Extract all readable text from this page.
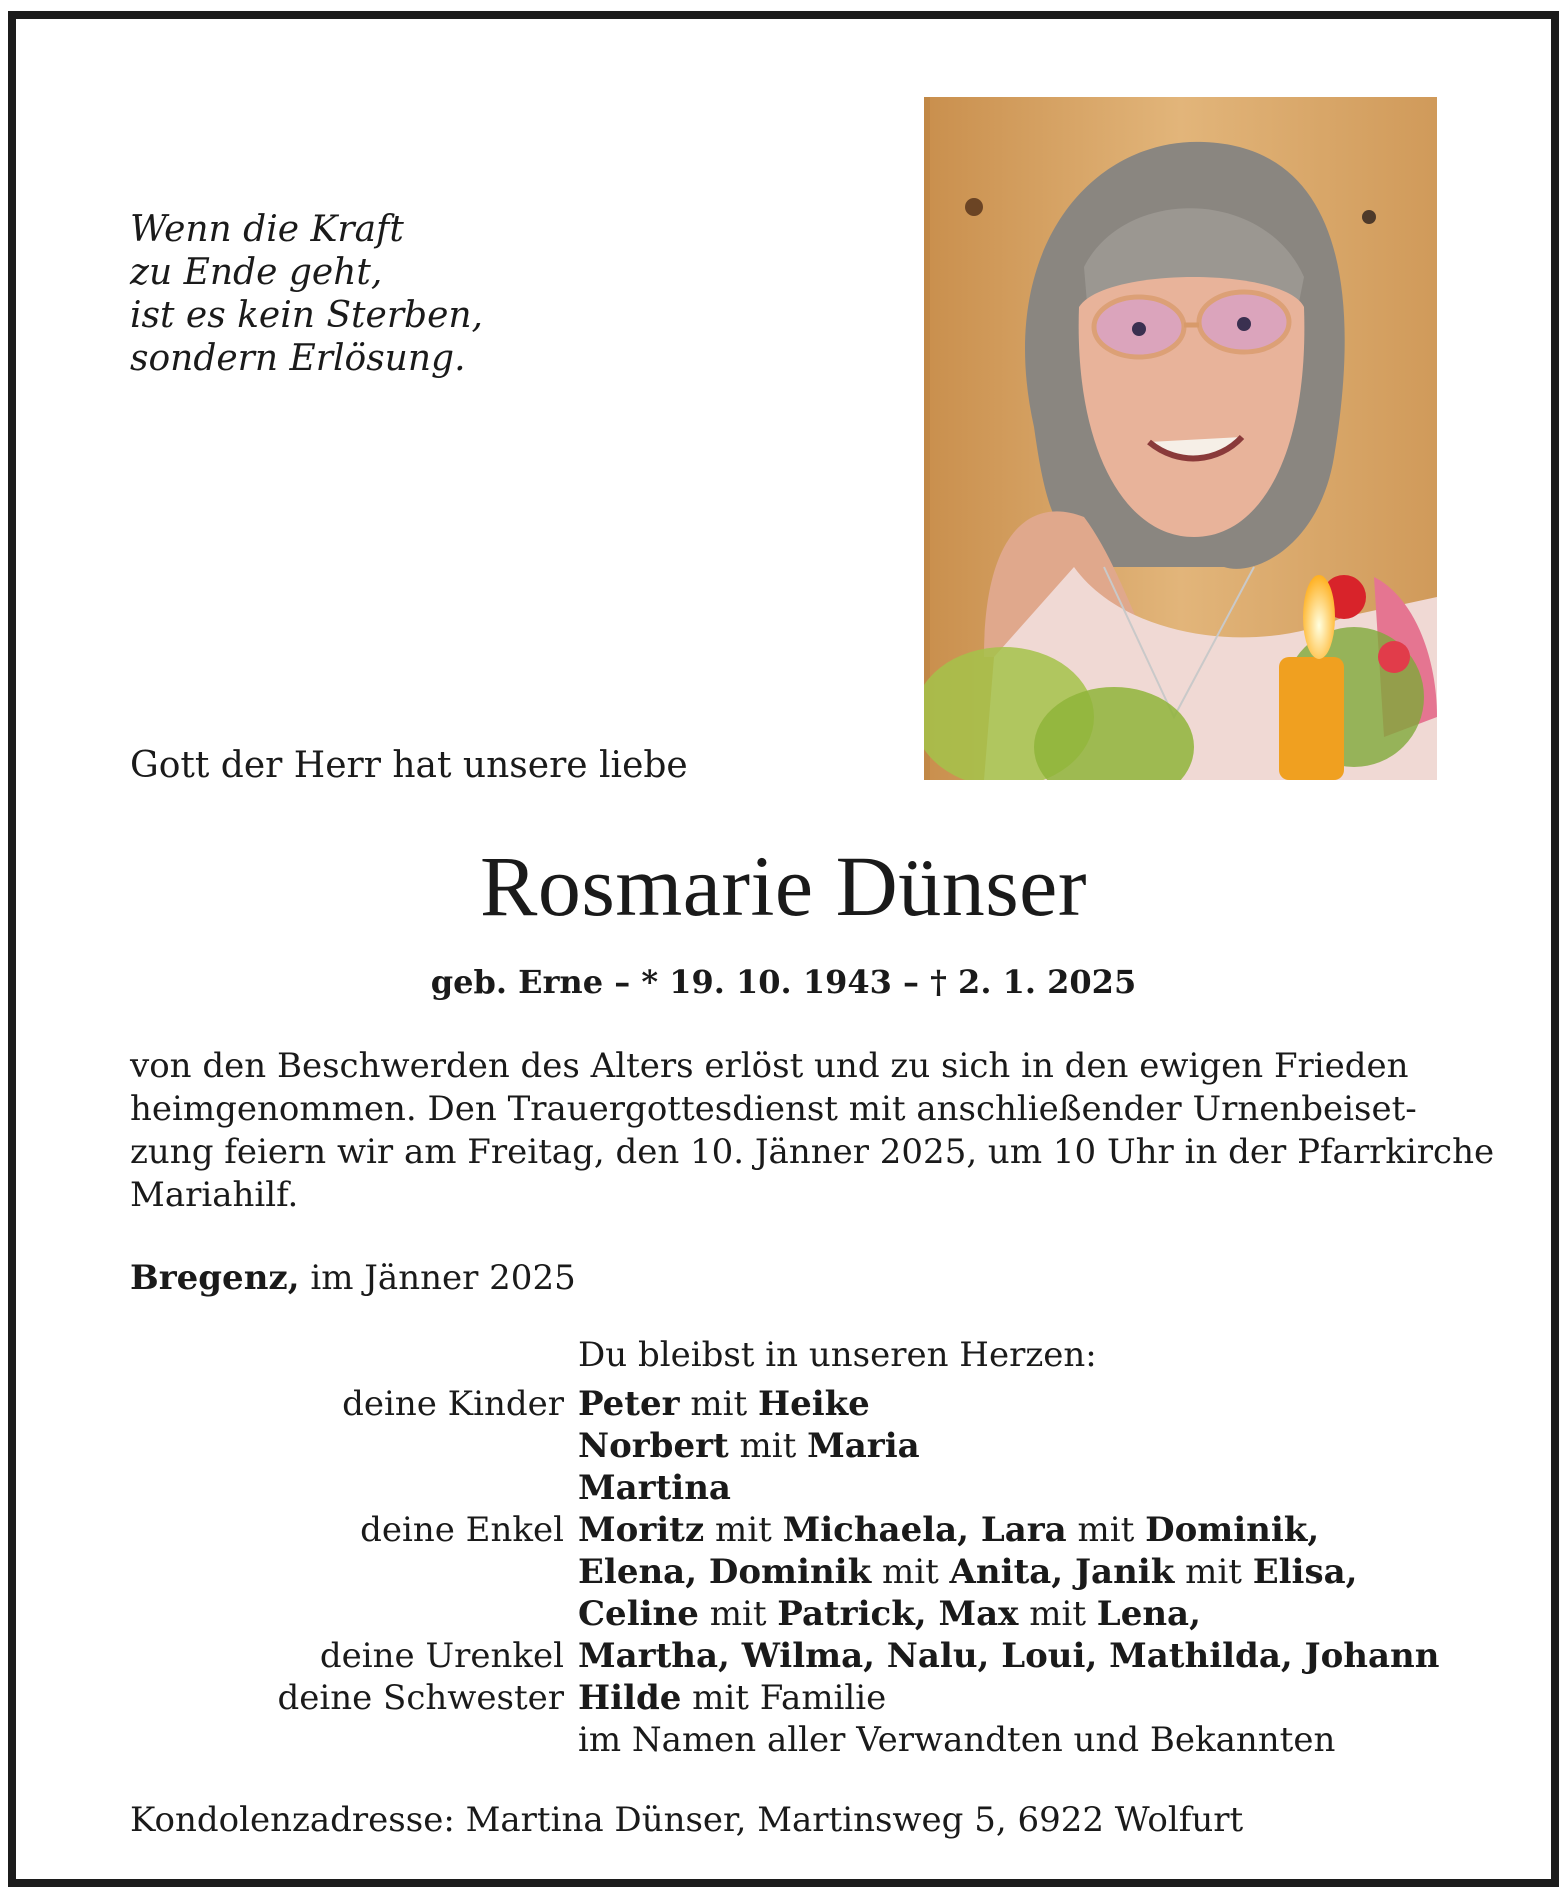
Wenn die Kraft
zu Ende geht,
ist es kein Sterben,
sondern Erlösung.
Gott der Herr hat unsere liebe
Rosmarie Dünser
geb. Erne – * 19. 10. 1943 – † 2. 1. 2025
von den Beschwerden des Alters erlöst und zu sich in den ewigen Frieden
heimgenommen. Den Trauergottesdienst mit anschließender Urnenbeiset-
zung feiern wir am Freitag, den 10. Jänner 2025, um 10 Uhr in der Pfarrkirche
Mariahilf.
Bregenz, im Jänner 2025
Du bleibst in unseren Herzen:
deine Kinder Peter mit Heike
Norbert mit Maria
Martina
deine Enkel Moritz mit Michaela, Lara mit Dominik,
Elena, Dominik mit Anita, Janik mit Elisa,
Celine mit Patrick, Max mit Lena,
deine Urenkel Martha, Wilma, Nalu, Loui, Mathilda, Johann
deine Schwester Hilde mit Familie
im Namen aller Verwandten und Bekannten
Kondolenzadresse: Martina Dünser, Martinsweg 5, 6922 Wolfurt
